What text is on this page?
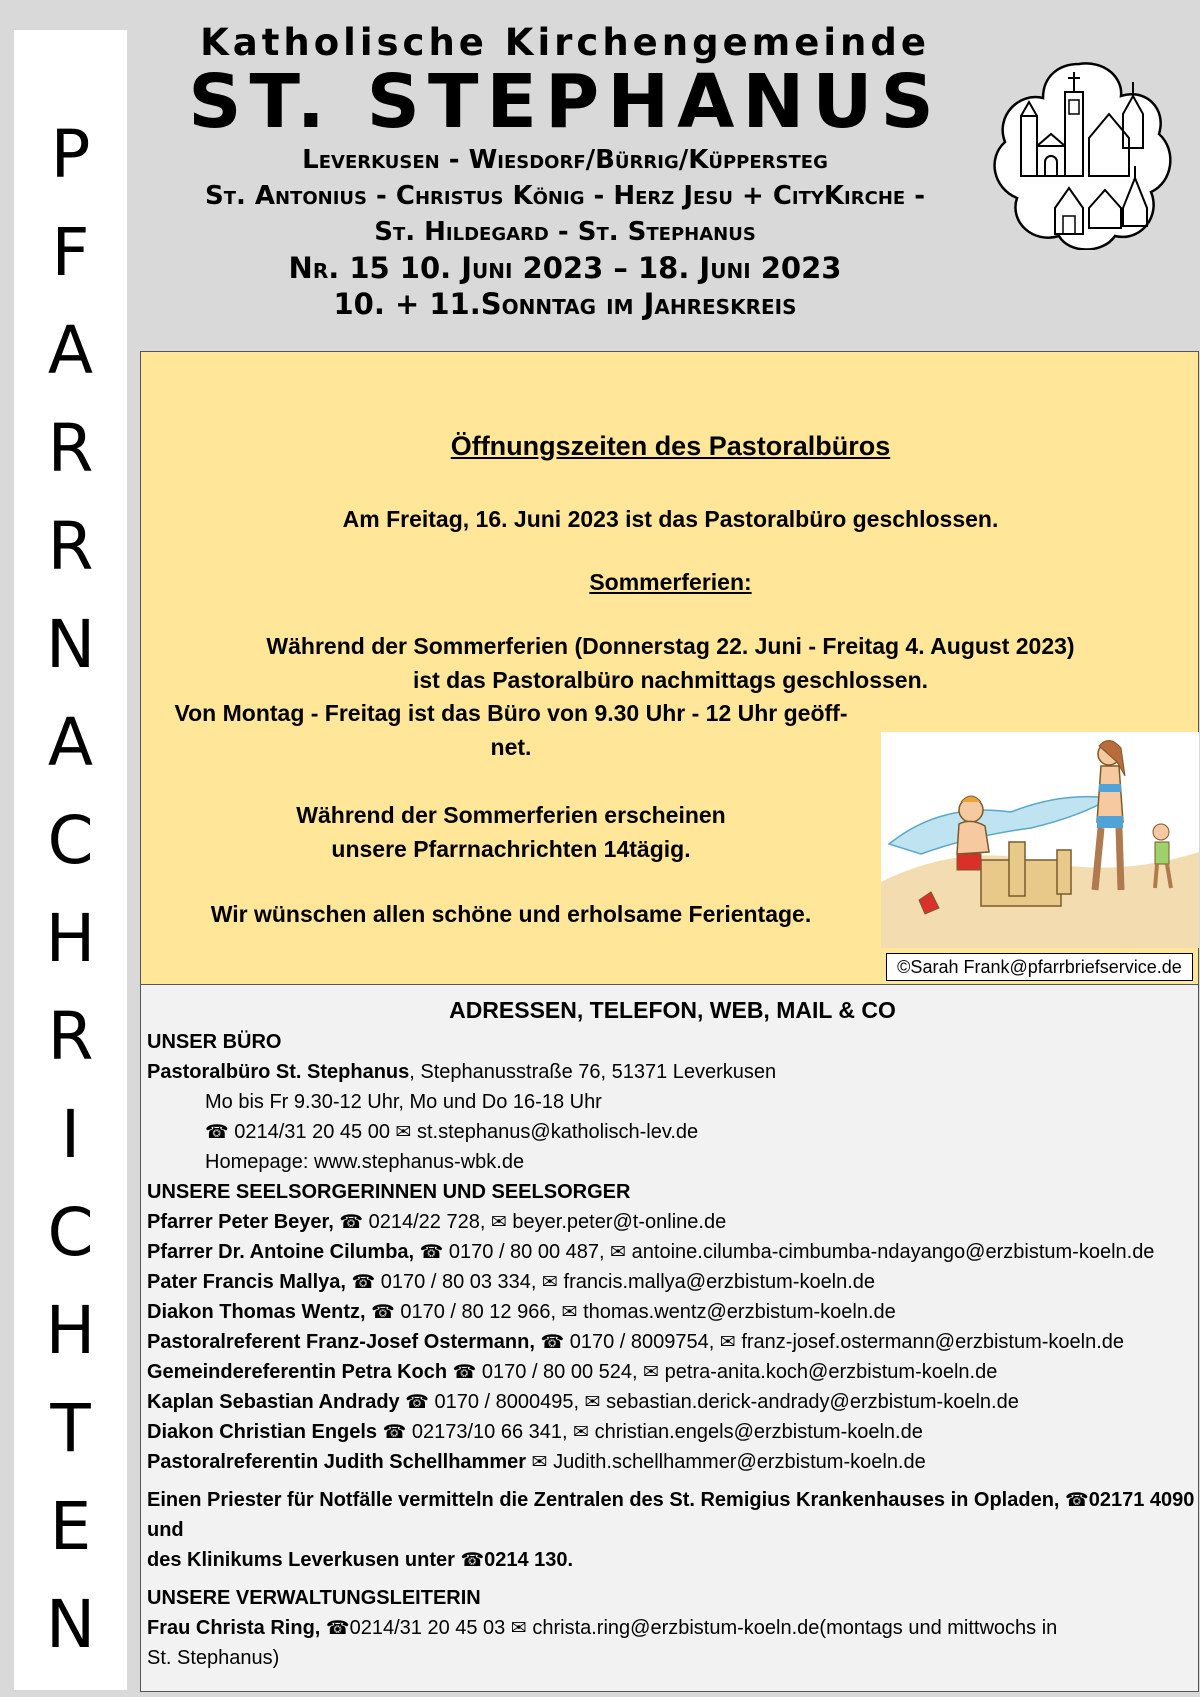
P
F
A
R
R
N
A
C
H
R
I
C
H
T
E
N
Katholische Kirchengemeinde
ST. STEPHANUS
Leverkusen - Wiesdorf/Bürrig/Küppersteg
St. Antonius - Christus König - Herz Jesu + CityKirche -
St. Hildegard - St. Stephanus
Nr. 15 10. Juni 2023 – 18. Juni 2023
10. + 11.Sonntag im Jahreskreis
Öffnungszeiten des Pastoralbüros
Am Freitag, 16. Juni 2023 ist das Pastoralbüro geschlossen.
Sommerferien:
Während der Sommerferien (Donnerstag 22. Juni - Freitag 4. August 2023)
ist das Pastoralbüro nachmittags geschlossen.
Von Montag - Freitag ist das Büro von 9.30 Uhr - 12 Uhr geöff-
net.
Während der Sommerferien erscheinen
unsere Pfarrnachrichten 14tägig.
Wir wünschen allen schöne und erholsame Ferientage.
©Sarah Frank@pfarrbriefservice.de
ADRESSEN, TELEFON, WEB, MAIL & CO
UNSER BÜRO
Pastoralbüro St. Stephanus, Stephanusstraße 76, 51371 Leverkusen
Mo bis Fr 9.30-12 Uhr, Mo und Do 16-18 Uhr
☎ 0214/31 20 45 00 ✉ st.stephanus@katholisch-lev.de
Homepage: www.stephanus-wbk.de
UNSERE SEELSORGERINNEN UND SEELSORGER
Pfarrer Peter Beyer, ☎ 0214/22 728, ✉ beyer.peter@t-online.de
Pfarrer Dr. Antoine Cilumba, ☎ 0170 / 80 00 487, ✉ antoine.cilumba-cimbumba-ndayango@erzbistum-koeln.de
Pater Francis Mallya, ☎ 0170 / 80 03 334, ✉ francis.mallya@erzbistum-koeln.de
Diakon Thomas Wentz, ☎ 0170 / 80 12 966, ✉ thomas.wentz@erzbistum-koeln.de
Pastoralreferent Franz-Josef Ostermann, ☎ 0170 / 8009754, ✉ franz-josef.ostermann@erzbistum-koeln.de
Gemeindereferentin Petra Koch ☎ 0170 / 80 00 524, ✉ petra-anita.koch@erzbistum-koeln.de
Kaplan Sebastian Andrady ☎ 0170 / 8000495, ✉ sebastian.derick-andrady@erzbistum-koeln.de
Diakon Christian Engels ☎ 02173/10 66 341, ✉ christian.engels@erzbistum-koeln.de
Pastoralreferentin Judith Schellhammer ✉ Judith.schellhammer@erzbistum-koeln.de
Einen Priester für Notfälle vermitteln die Zentralen des St. Remigius Krankenhauses in Opladen, ☎02171 4090
und
des Klinikums Leverkusen unter ☎0214 130.
UNSERE VERWALTUNGSLEITERIN
Frau Christa Ring, ☎0214/31 20 45 03 ✉ christa.ring@erzbistum-koeln.de(montags und mittwochs in
St. Stephanus)
